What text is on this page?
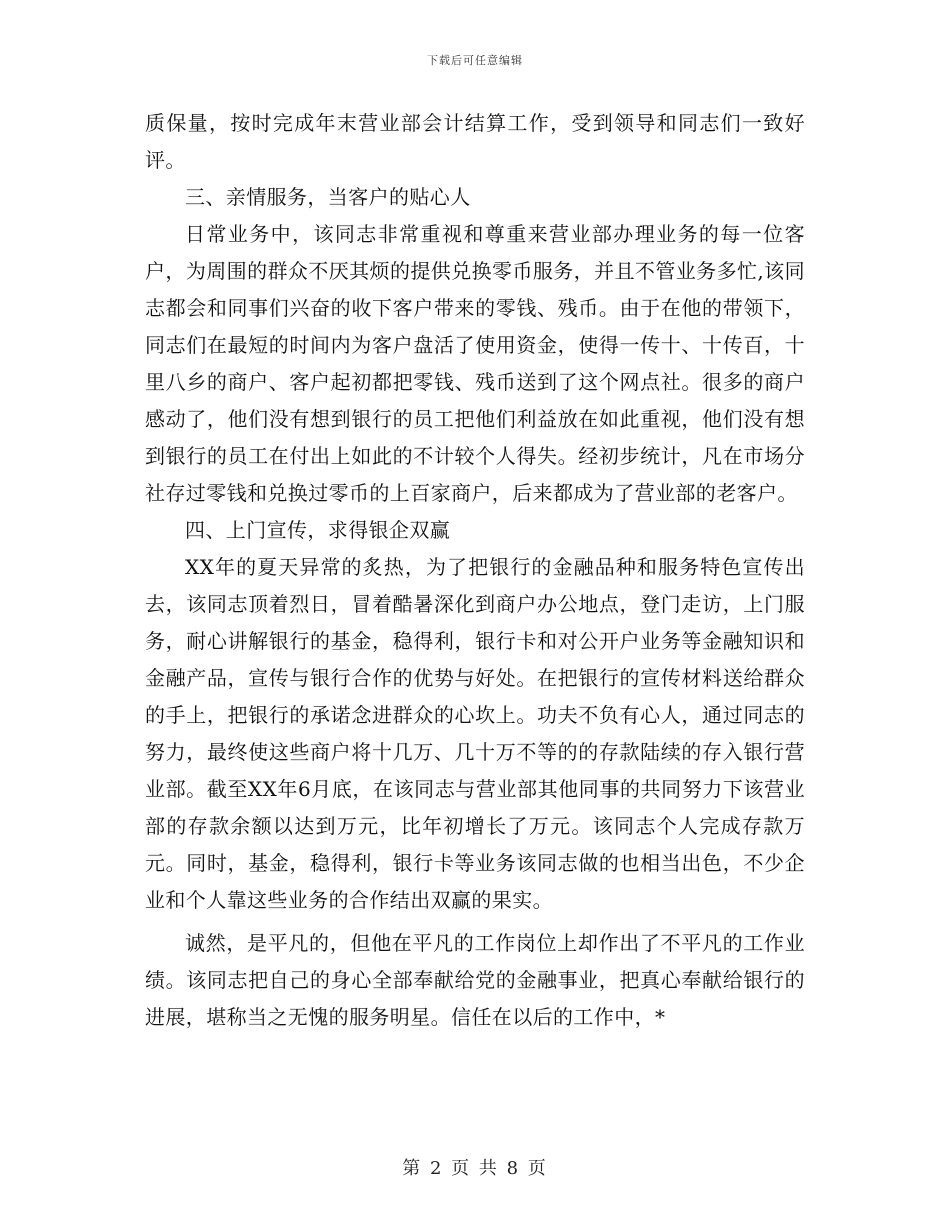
下载后可任意编辑

质保量，按时完成年末营业部会计结算工作，受到领导和同志们一致好评。

三、亲情服务，当客户的贴心人

日常业务中，该同志非常重视和尊重来营业部办理业务的每一位客户，为周围的群众不厌其烦的提供兑换零币服务，并且不管业务多忙,该同志都会和同事们兴奋的收下客户带来的零钱、残币。由于在他的带领下，同志们在最短的时间内为客户盘活了使用资金，使得一传十、十传百，十里八乡的商户、客户起初都把零钱、残币送到了这个网点社。很多的商户感动了，他们没有想到银行的员工把他们利益放在如此重视，他们没有想到银行的员工在付出上如此的不计较个人得失。经初步统计，凡在市场分社存过零钱和兑换过零币的上百家商户，后来都成为了营业部的老客户。

四、上门宣传，求得银企双赢

XX年的夏天异常的炙热，为了把银行的金融品种和服务特色宣传出去，该同志顶着烈日，冒着酷暑深化到商户办公地点，登门走访，上门服务，耐心讲解银行的基金，稳得利，银行卡和对公开户业务等金融知识和金融产品，宣传与银行合作的优势与好处。在把银行的宣传材料送给群众的手上，把银行的承诺念进群众的心坎上。功夫不负有心人，通过同志的努力，最终使这些商户将十几万、几十万不等的的存款陆续的存入银行营业部。截至XX年6月底，在该同志与营业部其他同事的共同努力下该营业部的存款余额以达到万元，比年初增长了万元。该同志个人完成存款万元。同时，基金，稳得利，银行卡等业务该同志做的也相当出色，不少企业和个人靠这些业务的合作结出双赢的果实。

诚然，是平凡的，但他在平凡的工作岗位上却作出了不平凡的工作业绩。该同志把自己的身心全部奉献给党的金融事业，把真心奉献给银行的进展，堪称当之无愧的服务明星。信任在以后的工作中，*

第 2 页 共 8 页
